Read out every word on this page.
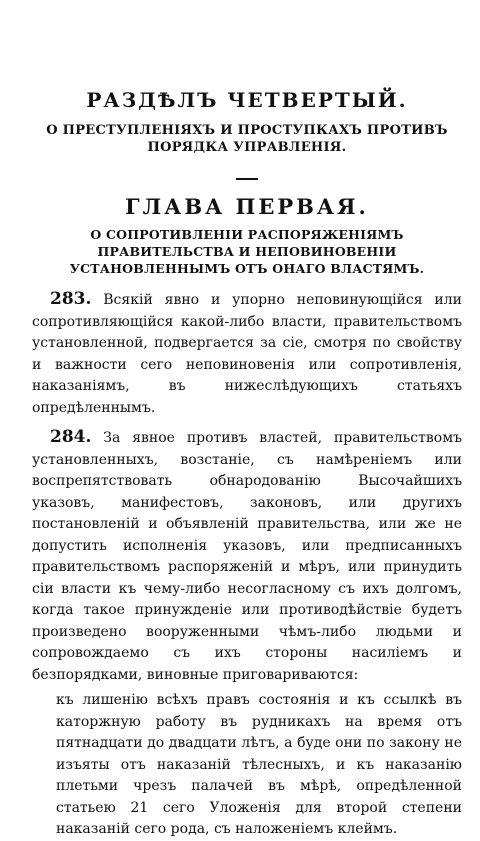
РАЗДѢЛЪ ЧЕТВЕРТЫЙ.
О ПРЕСТУПЛЕНІЯХЪ И ПРОСТУПКАХЪ ПРОТИВЪ ПОРЯДКА УПРАВЛЕНІЯ.
ГЛАВА ПЕРВАЯ.
О СОПРОТИВЛЕНІИ РАСПОРЯЖЕНІЯМЪ ПРАВИТЕЛЬСТВА И НЕПОВИНОВЕНІИ УСТАНОВЛЕННЫМЪ ОТЪ ОНАГО ВЛАСТЯМЪ.

283. Всякій явно и упорно неповинующійся или сопротивляющійся какой-либо власти, правительствомъ установленной, подвергается за сіе, смотря по свойству и важности сего неповиновенія или сопротивленія, наказаніямъ, въ нижеслѣдующихъ статьяхъ опредѣленнымъ.

284. За явное противъ властей, правительствомъ установленныхъ, возстаніе, съ намѣреніемъ или воспрепятствовать обнародованію Высочайшихъ указовъ, манифестовъ, законовъ, или другихъ постановленій и объявленій правительства, или же не допустить исполненія указовъ, или предписанныхъ правительствомъ распоряженій и мѣръ, или принудить сіи власти къ чему-либо несогласному съ ихъ долгомъ, когда такое принужденіе или противодѣйствіе будетъ произведено вооруженными чѣмъ-либо людьми и сопровождаемо съ ихъ стороны насиліемъ и безпорядками, виновные приговариваются:

къ лишенію всѣхъ правъ состоянія и къ ссылкѣ въ каторжную работу въ рудникахъ на время отъ пятнадцати до двадцати лѣтъ, а буде они по закону не изъяты отъ наказаній тѣлесныхъ, и къ наказанію плетьми чрезъ палачей въ мѣрѣ, опредѣленной статьею 21 сего Уложенія для второй степени наказаній сего рода, съ наложеніемъ клеймъ.
